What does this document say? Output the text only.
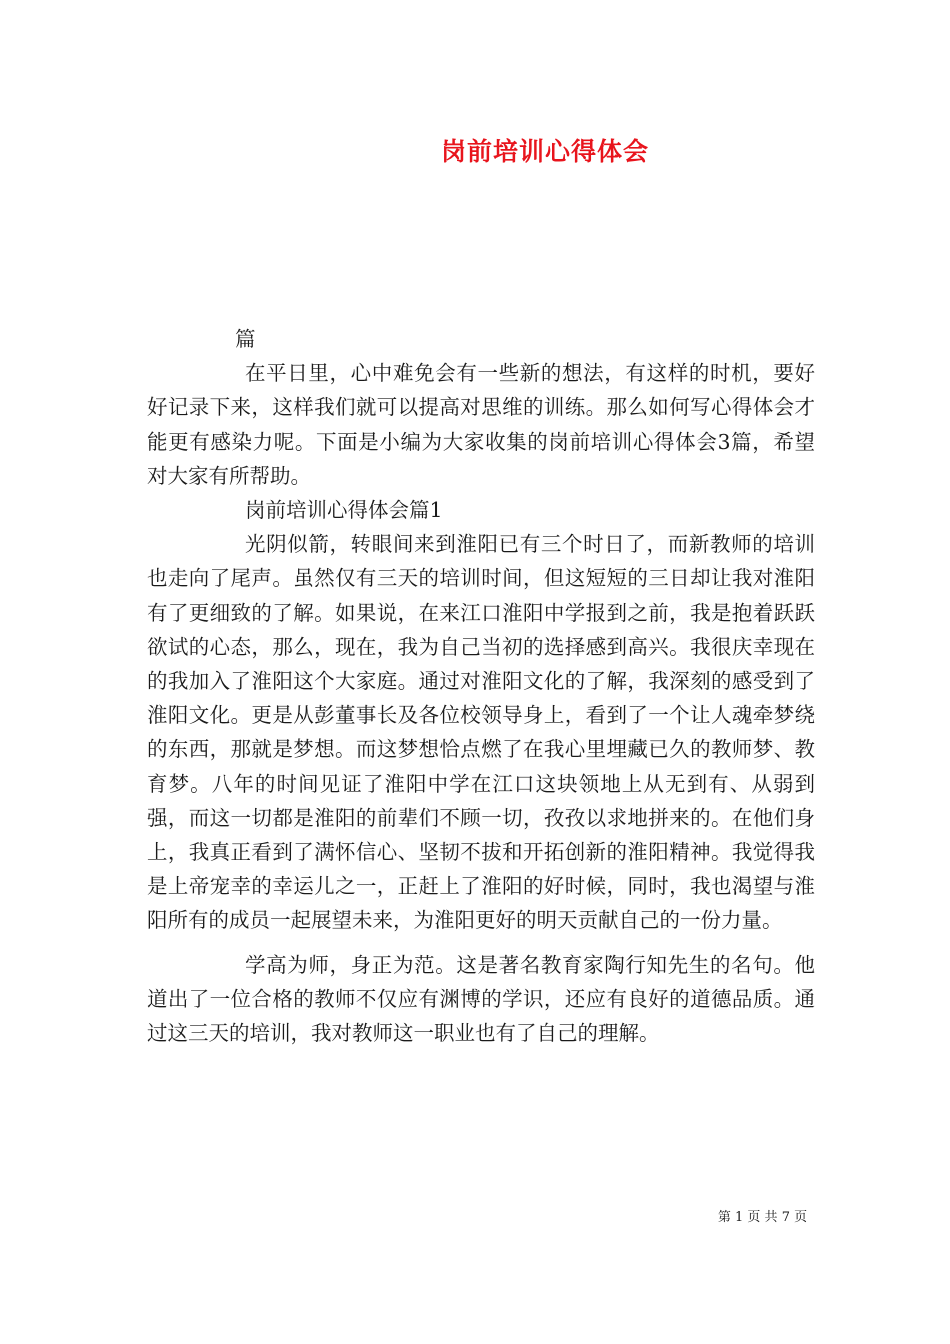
岗前培训心得体会

篇

在平日里，心中难免会有一些新的想法，有这样的时机，要好好记录下来，这样我们就可以提高对思维的训练。那么如何写心得体会才能更有感染力呢。下面是小编为大家收集的岗前培训心得体会3篇，希望对大家有所帮助。

岗前培训心得体会篇1

光阴似箭，转眼间来到淮阳已有三个时日了，而新教师的培训也走向了尾声。虽然仅有三天的培训时间，但这短短的三日却让我对淮阳有了更细致的了解。如果说，在来江口淮阳中学报到之前，我是抱着跃跃欲试的心态，那么，现在，我为自己当初的选择感到高兴。我很庆幸现在的我加入了淮阳这个大家庭。通过对淮阳文化的了解，我深刻的感受到了淮阳文化。更是从彭董事长及各位校领导身上，看到了一个让人魂牵梦绕的东西，那就是梦想。而这梦想恰点燃了在我心里埋藏已久的教师梦、教育梦。八年的时间见证了淮阳中学在江口这块领地上从无到有、从弱到强，而这一切都是淮阳的前辈们不顾一切，孜孜以求地拼来的。在他们身上，我真正看到了满怀信心、坚韧不拔和开拓创新的淮阳精神。我觉得我是上帝宠幸的幸运儿之一，正赶上了淮阳的好时候，同时，我也渴望与淮阳所有的成员一起展望未来，为淮阳更好的明天贡献自己的一份力量。

学高为师，身正为范。这是著名教育家陶行知先生的名句。他道出了一位合格的教师不仅应有渊博的学识，还应有良好的道德品质。通过这三天的培训，我对教师这一职业也有了自己的理解。

第 1 页 共 7 页
